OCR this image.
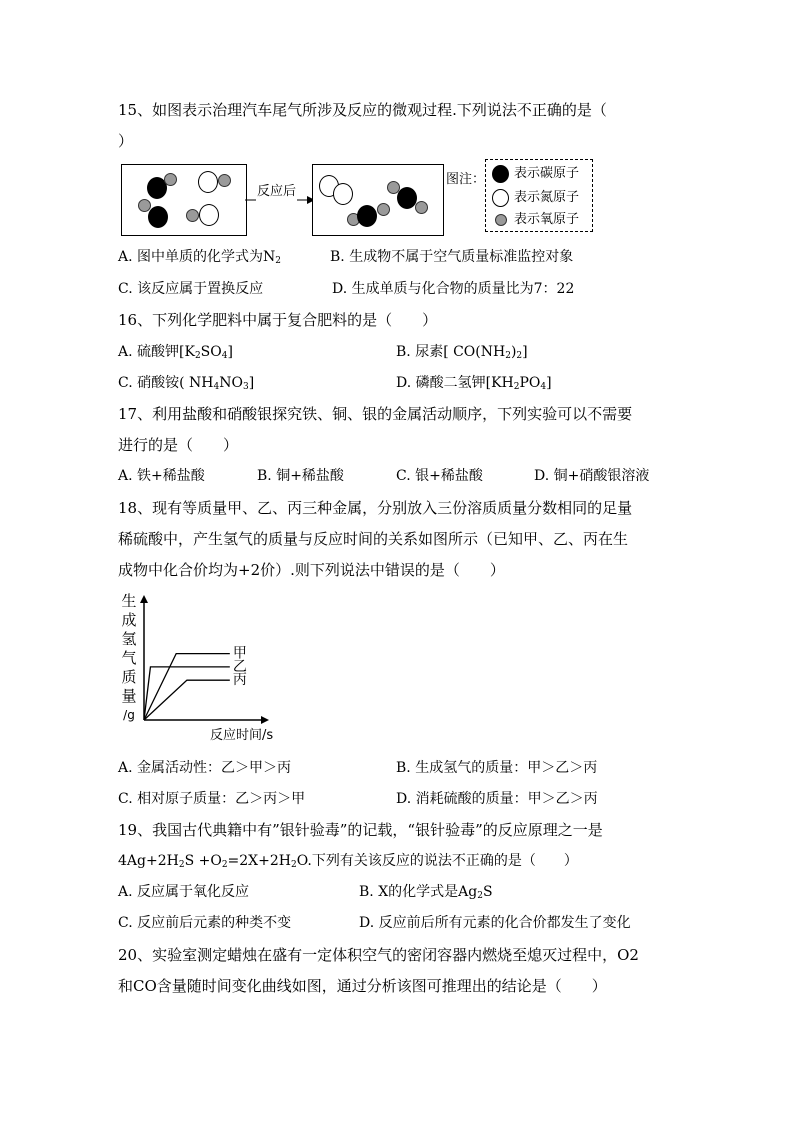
15、如图表示治理汽车尾气所涉及反应的微观过程.下列说法不正确的是（
）
反应后
图注： 表示碳原子
表示氮原子
表示氧原子
A. 图中单质的化学式为$N_2$	B. 生成物不属于空气质量标准监控对象
C. 该反应属于置换反应	D. 生成单质与化合物的质量比为7：22
16、下列化学肥料中属于复合肥料的是（　　）
A. 硫酸钾$[K_2SO_4]$	B. 尿素[ $CO(NH_2)_2$]
C. 硝酸铵( $NH_4NO_3$]	D. 磷酸二氢钾$[KH_2PO_4]$
17、利用盐酸和硝酸银探究铁、铜、银的金属活动顺序，下列实验可以不需要
进行的是（　　）
A. 铁+稀盐酸	B. 铜+稀盐酸	C. 银+稀盐酸	D. 铜+硝酸银溶液
18、现有等质量甲、乙、丙三种金属，分别放入三份溶质质量分数相同的足量
稀硫酸中，产生氢气的质量与反应时间的关系如图所示（已知甲、乙、丙在生
成物中化合价均为+2价）.则下列说法中错误的是（　　）
生
成
氢
气
质
量
/g
甲
乙
丙
反应时间/s
A. 金属活动性：乙＞甲＞丙	B. 生成氢气的质量：甲＞乙＞丙
C. 相对原子质量：乙＞丙＞甲	D. 消耗硫酸的质量：甲＞乙＞丙
19、我国古代典籍中有”银针验毒”的记载，“银针验毒”的反应原理之一是
$4Ag+2H_2S +O_2=2X+2H_2O$.下列有关该反应的说法不正确的是（　　）
A. 反应属于氧化反应	B. X的化学式是$Ag_2S$
C. 反应前后元素的种类不变	D. 反应前后所有元素的化合价都发生了变化
20、实验室测定蜡烛在盛有一定体积空气的密闭容器内燃烧至熄灭过程中，O2
和CO含量随时间变化曲线如图，通过分析该图可推理出的结论是（　　）
